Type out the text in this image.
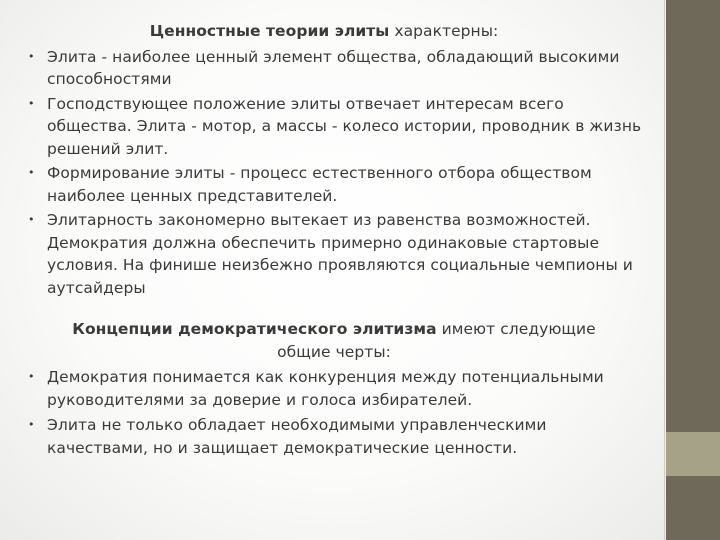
Ценностные теории элиты характерны:

• Элита - наиболее ценный элемент общества, обладающий высокими способностями
• Господствующее положение элиты отвечает интересам всего общества. Элита - мотор, а массы - колесо истории, проводник в жизнь решений элит.
• Формирование элиты - процесс естественного отбора обществом наиболее ценных представителей.
• Элитарность закономерно вытекает из равенства возможностей. Демократия должна обеспечить примерно одинаковые стартовые условия. На финише неизбежно проявляются социальные чемпионы и аутсайдеры

Концепции демократического элитизма имеют следующие общие черты:

• Демократия понимается как конкуренция между потенциальными руководителями за доверие и голоса избирателей.
• Элита не только обладает необходимыми управленческими качествами, но и защищает демократические ценности.
